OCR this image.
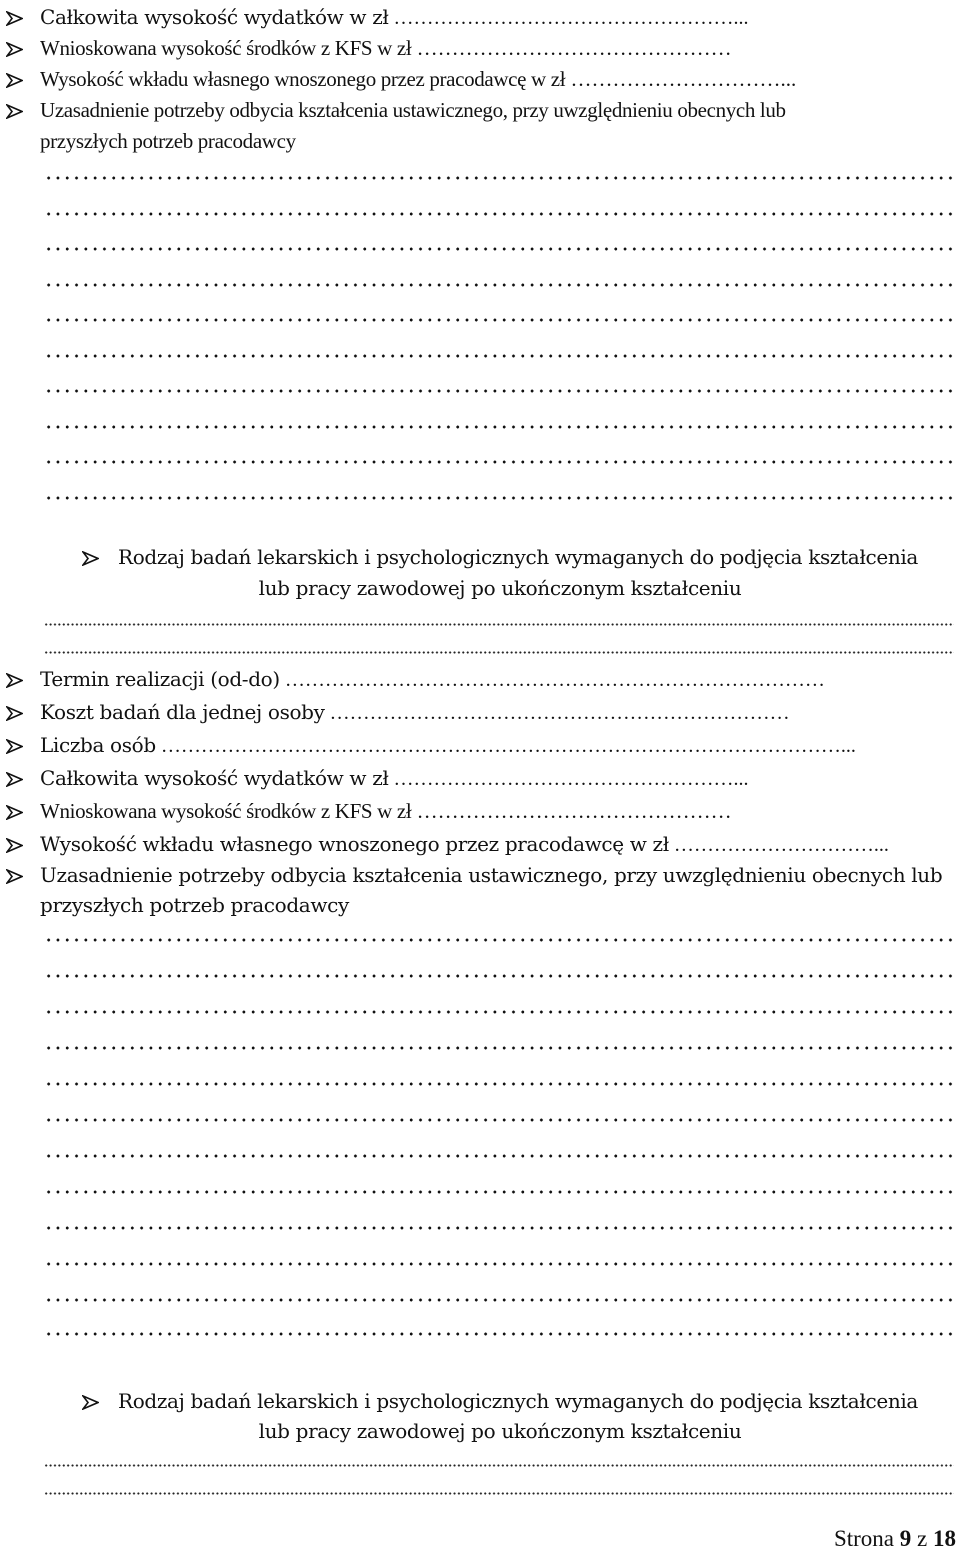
Całkowita wysokość wydatków w zł ……………………………………………...
Wnioskowana wysokość środków z KFS w zł ………………………………………
Wysokość wkładu własnego wnoszonego przez pracodawcę w zł …………………………...
Uzasadnienie potrzeby odbycia kształcenia ustawicznego, przy uwzględnieniu obecnych lub
przyszłych potrzeb pracodawcy
Rodzaj badań lekarskich i psychologicznych wymaganych do podjęcia kształcenia
lub pracy zawodowej po ukończonym kształceniu
Termin realizacji (od-do) ………………………………………………………………………
Koszt badań dla jednej osoby ……………………………………………………………
Liczba osób …………………………………………………………………………………………...
Całkowita wysokość wydatków w zł ……………………………………………...
Wnioskowana wysokość środków z KFS w zł ………………………………………
Wysokość wkładu własnego wnoszonego przez pracodawcę w zł …………………………...
Uzasadnienie potrzeby odbycia kształcenia ustawicznego, przy uwzględnieniu obecnych lub
przyszłych potrzeb pracodawcy
Rodzaj badań lekarskich i psychologicznych wymaganych do podjęcia kształcenia
lub pracy zawodowej po ukończonym kształceniu
Strona 9 z 18
